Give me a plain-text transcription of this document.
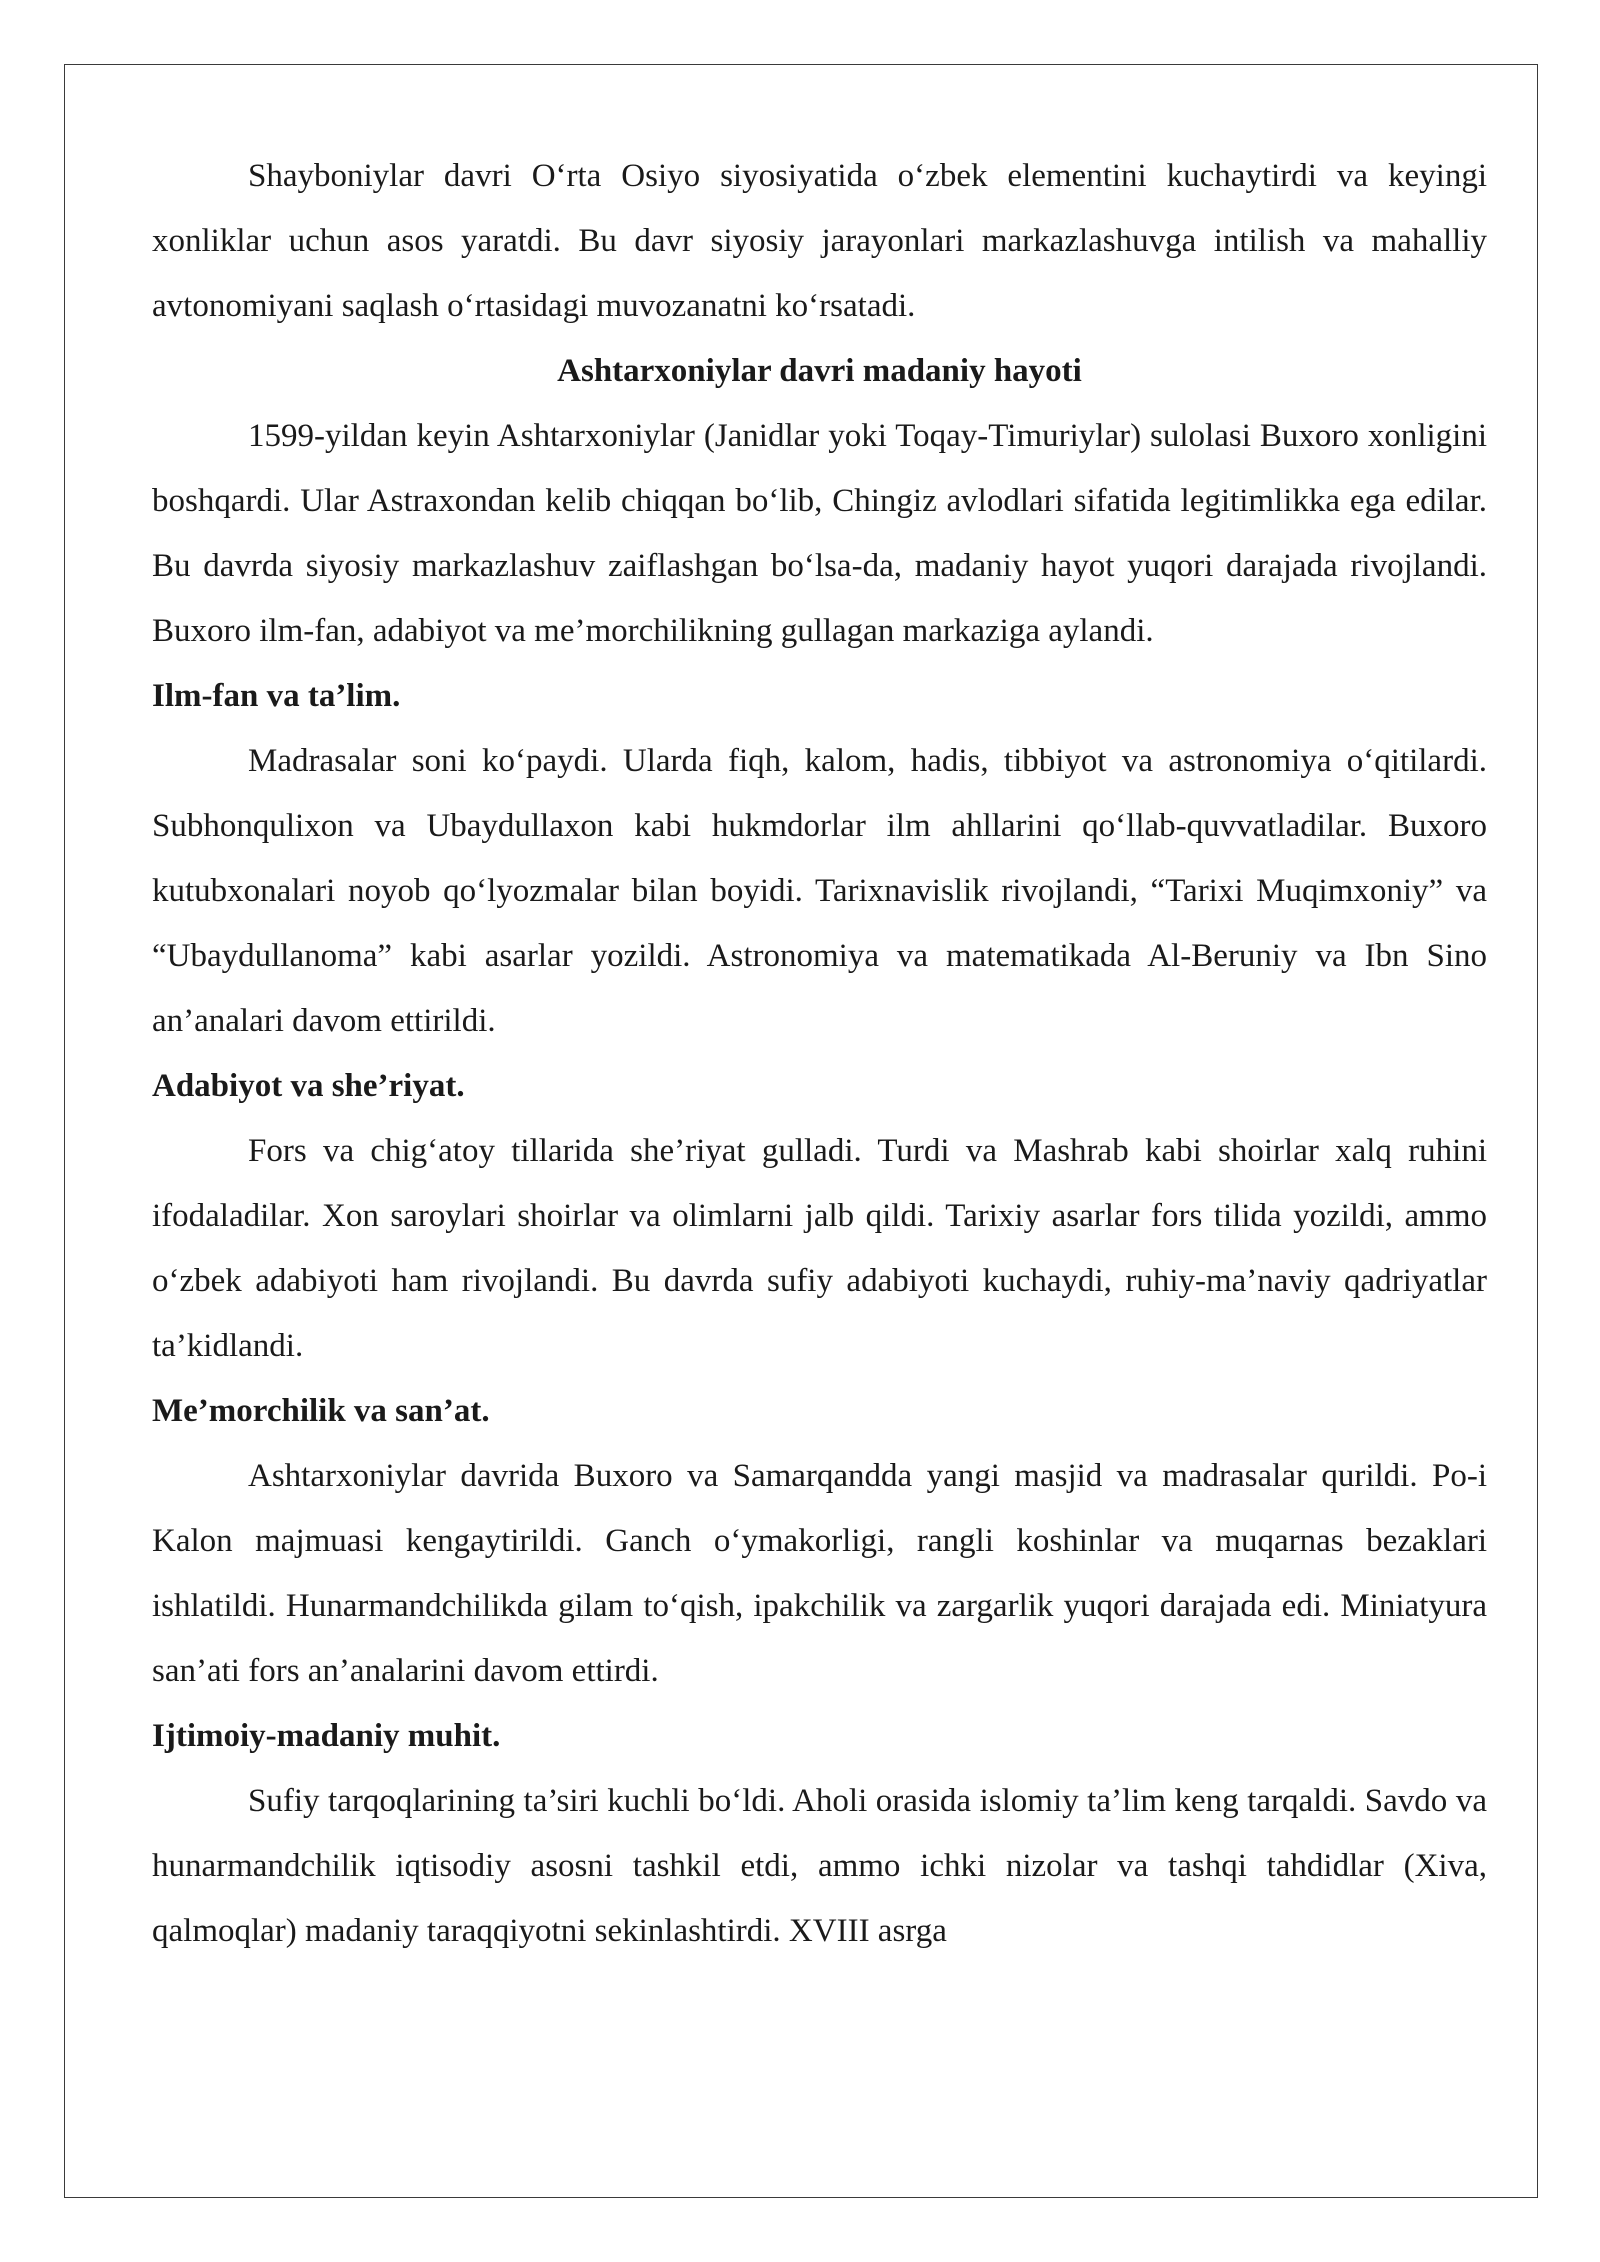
Shayboniylar davri O‘rta Osiyo siyosiyatida o‘zbek elementini kuchaytirdi va keyingi xonliklar uchun asos yaratdi. Bu davr siyosiy jarayonlari markazlashuvga intilish va mahalliy avtonomiyani saqlash o‘rtasidagi muvozanatni ko‘rsatadi.

Ashtarxoniylar davri madaniy hayoti

1599-yildan keyin Ashtarxoniylar (Janidlar yoki Toqay-Timuriylar) sulolasi Buxoro xonligini boshqardi. Ular Astraxondan kelib chiqqan bo‘lib, Chingiz avlodlari sifatida legitimlikka ega edilar. Bu davrda siyosiy markazlashuv zaiflashgan bo‘lsa-da, madaniy hayot yuqori darajada rivojlandi. Buxoro ilm-fan, adabiyot va me’morchilikning gullagan markaziga aylandi.

Ilm-fan va ta’lim.

Madrasalar soni ko‘paydi. Ularda fiqh, kalom, hadis, tibbiyot va astronomiya o‘qitilardi. Subhonqulixon va Ubaydullaxon kabi hukmdorlar ilm ahllarini qo‘llab-quvvatladilar. Buxoro kutubxonalari noyob qo‘lyozmalar bilan boyidi. Tarixnavislik rivojlandi, “Tarixi Muqimxoniy” va “Ubaydullanoma” kabi asarlar yozildi. Astronomiya va matematikada Al-Beruniy va Ibn Sino an’analari davom ettirildi.

Adabiyot va she’riyat.

Fors va chig‘atoy tillarida she’riyat gulladi. Turdi va Mashrab kabi shoirlar xalq ruhini ifodaladilar. Xon saroylari shoirlar va olimlarni jalb qildi. Tarixiy asarlar fors tilida yozildi, ammo o‘zbek adabiyoti ham rivojlandi. Bu davrda sufiy adabiyoti kuchaydi, ruhiy-ma’naviy qadriyatlar ta’kidlandi.

Me’morchilik va san’at.

Ashtarxoniylar davrida Buxoro va Samarqandda yangi masjid va madrasalar qurildi. Po-i Kalon majmuasi kengaytirildi. Ganch o‘ymakorligi, rangli koshinlar va muqarnas bezaklari ishlatildi. Hunarmandchilikda gilam to‘qish, ipakchilik va zargarlik yuqori darajada edi. Miniatyura san’ati fors an’analarini davom ettirdi.

Ijtimoiy-madaniy muhit.

Sufiy tarqoqlarining ta’siri kuchli bo‘ldi. Aholi orasida islomiy ta’lim keng tarqaldi. Savdo va hunarmandchilik iqtisodiy asosni tashkil etdi, ammo ichki nizolar va tashqi tahdidlar (Xiva, qalmoqlar) madaniy taraqqiyotni sekinlashtirdi. XVIII asrga
